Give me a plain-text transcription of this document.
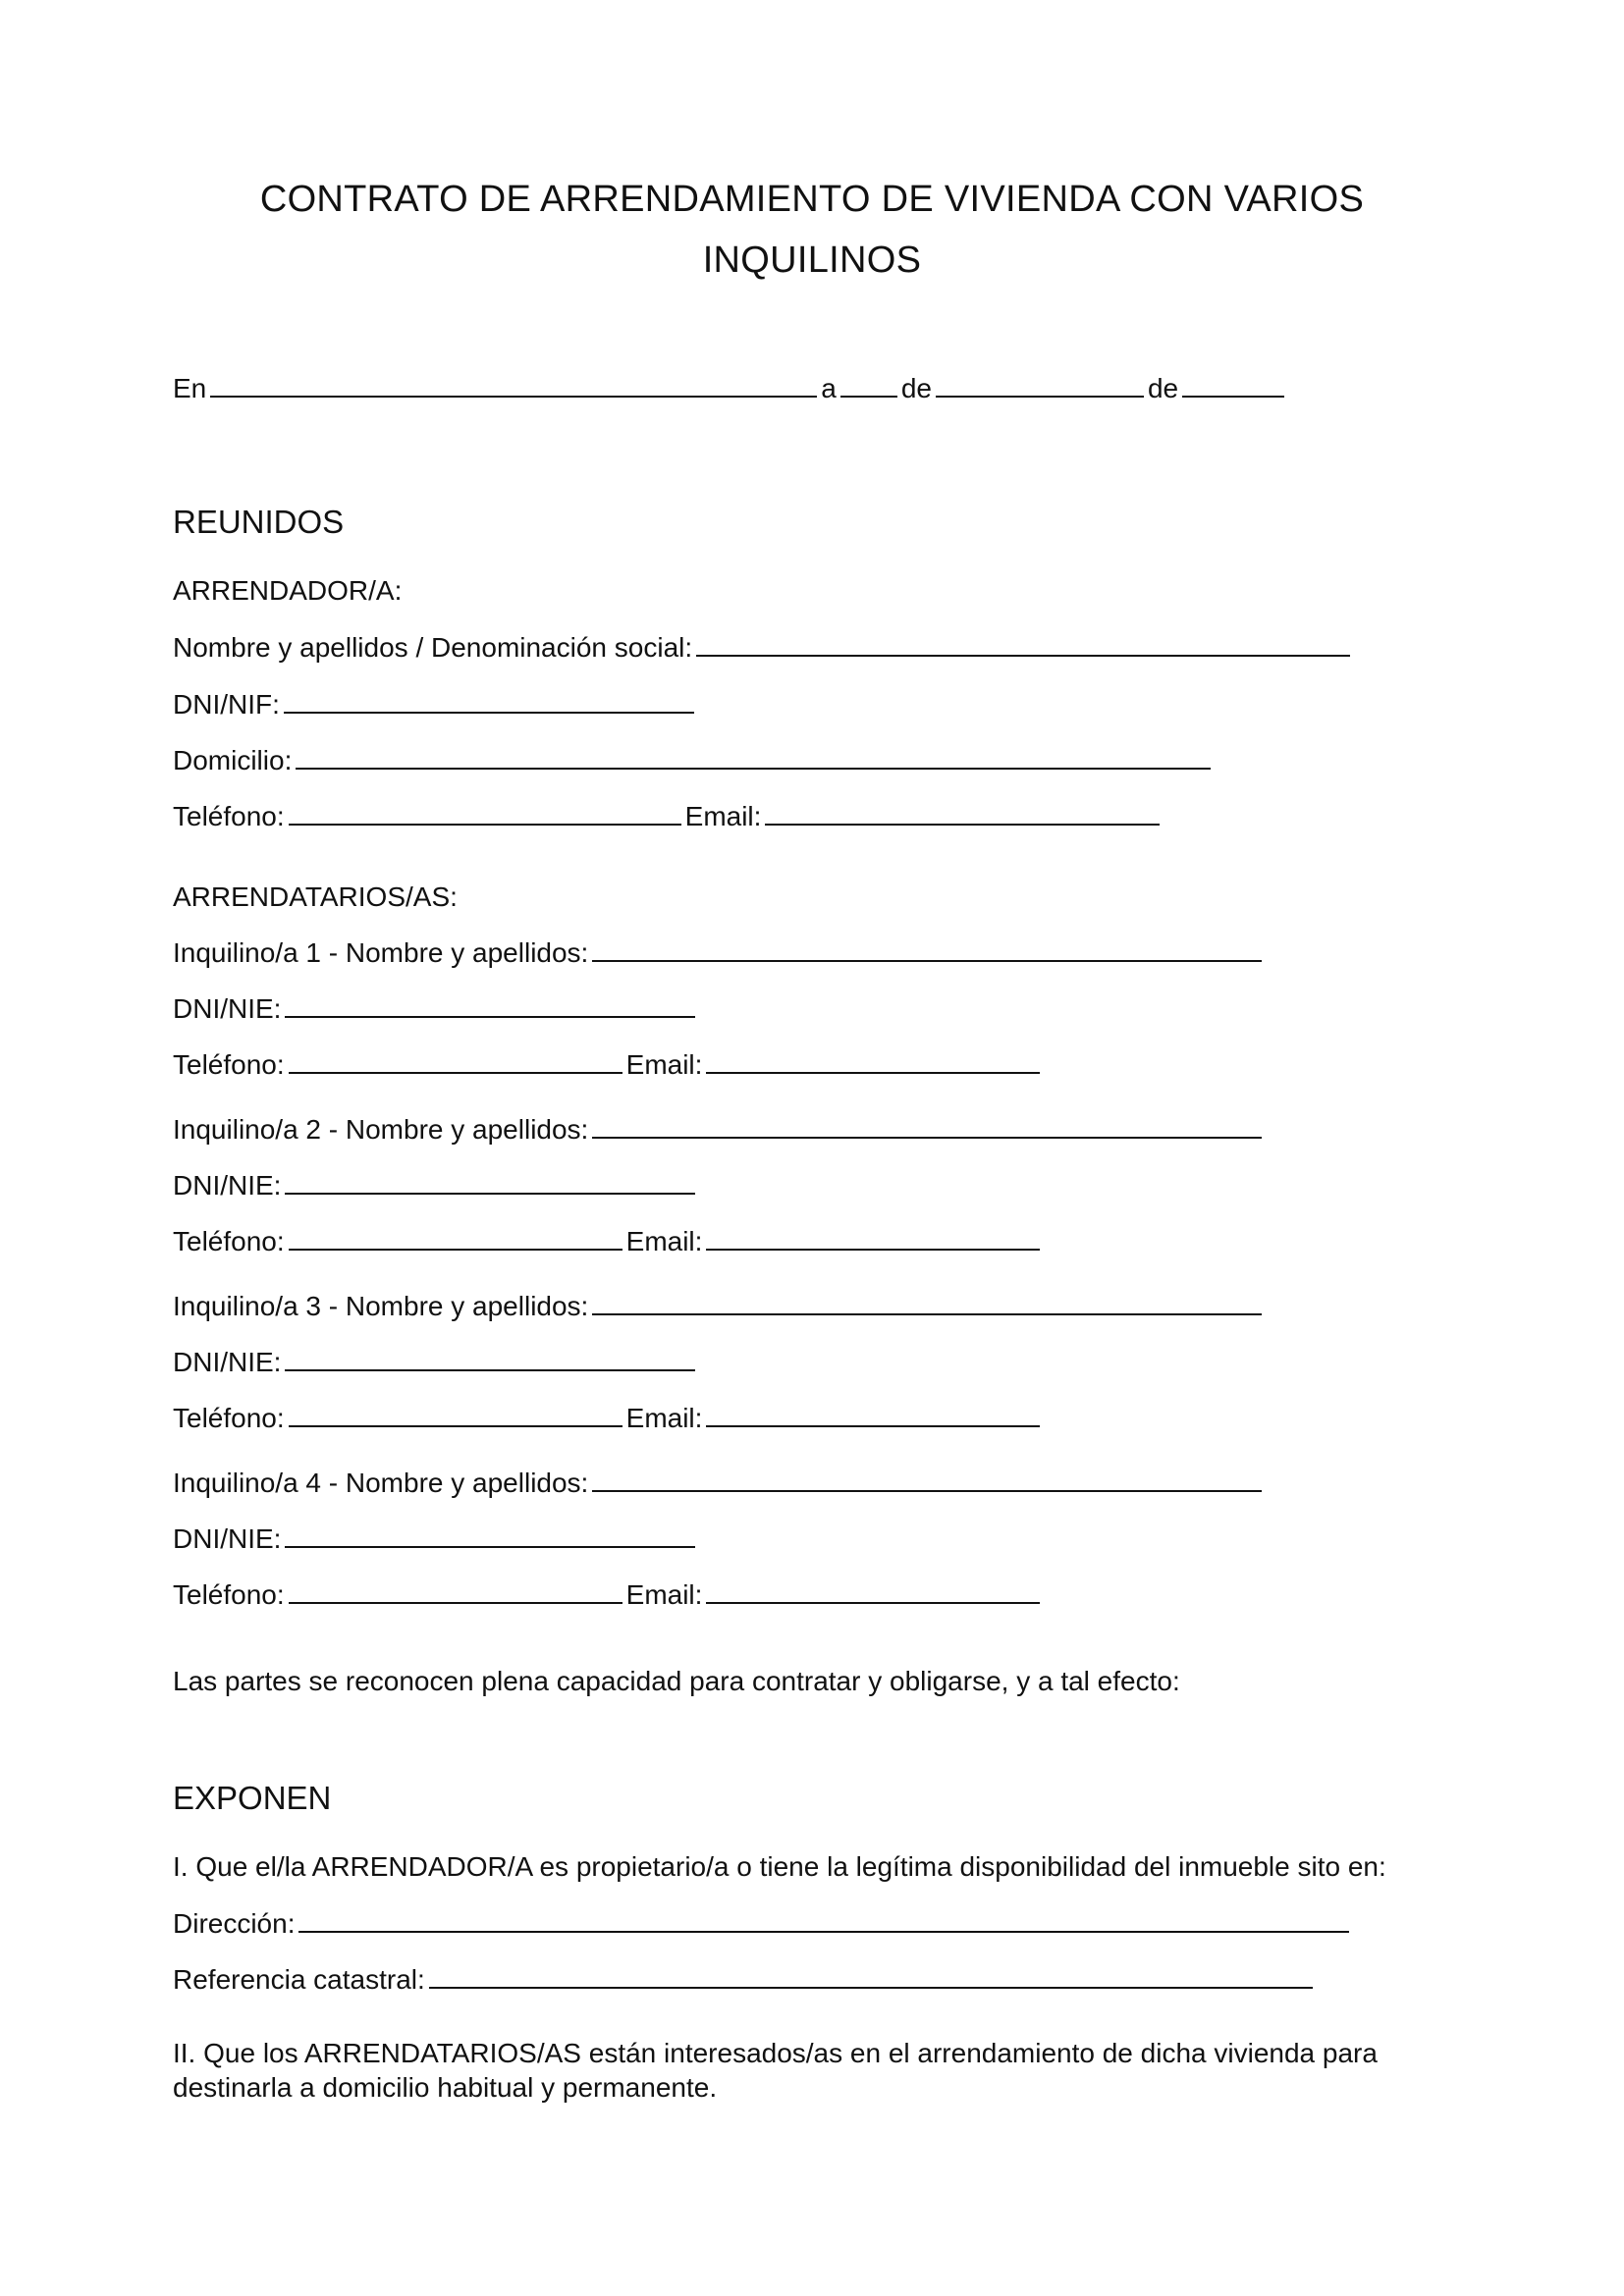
CONTRATO DE ARRENDAMIENTO DE VIVIENDA CON VARIOS
INQUILINOS
En	a de	de
REUNIDOS
ARRENDADOR/A:
Nombre y apellidos / Denominación social:
DNI/NIF:
Domicilio:
Teléfono:	Email:
ARRENDATARIOS/AS:
Inquilino/a 1 - Nombre y apellidos:
DNI/NIE:
Teléfono:	Email:
Inquilino/a 2 - Nombre y apellidos:
DNI/NIE:
Teléfono:	Email:
Inquilino/a 3 - Nombre y apellidos:
DNI/NIE:
Teléfono:	Email:
Inquilino/a 4 - Nombre y apellidos:
DNI/NIE:
Teléfono:	Email:
Las partes se reconocen plena capacidad para contratar y obligarse, y a tal efecto:
EXPONEN
I. Que el/la ARRENDADOR/A es propietario/a o tiene la legítima disponibilidad del inmueble sito en:
Dirección:
Referencia catastral:

II. Que los ARRENDATARIOS/AS están interesados/as en el arrendamiento de dicha vivienda para destinarla a domicilio habitual y permanente.
